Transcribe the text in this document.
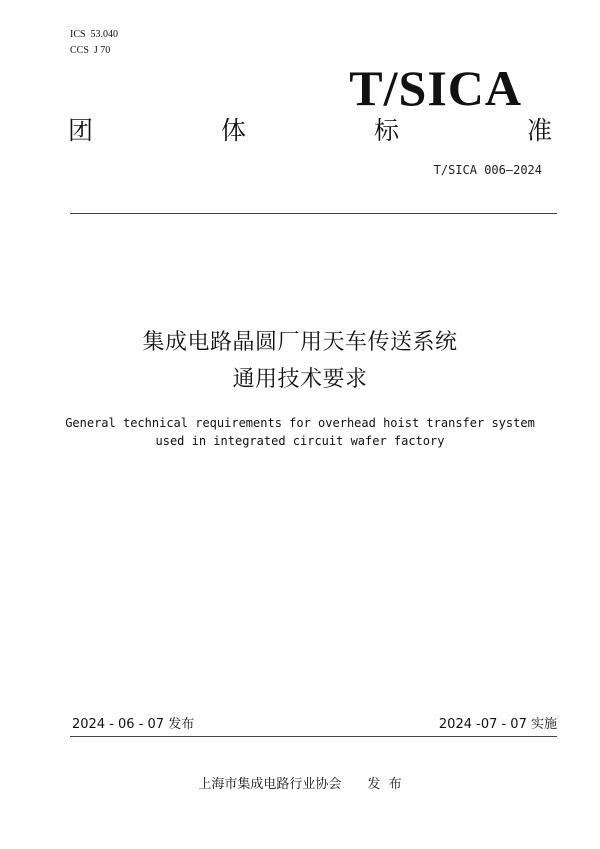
ICS  53.040
CCS  J 70
T/SICA
团	体	标	准
T/SICA 006—2024
集成电路晶圆厂用天车传送系统
通用技术要求
General technical requirements for overhead hoist transfer system
used in integrated circuit wafer factory
2024 - 06 - 07 发布	2024 -07 - 07 实施
上海市集成电路行业协会 发  布
